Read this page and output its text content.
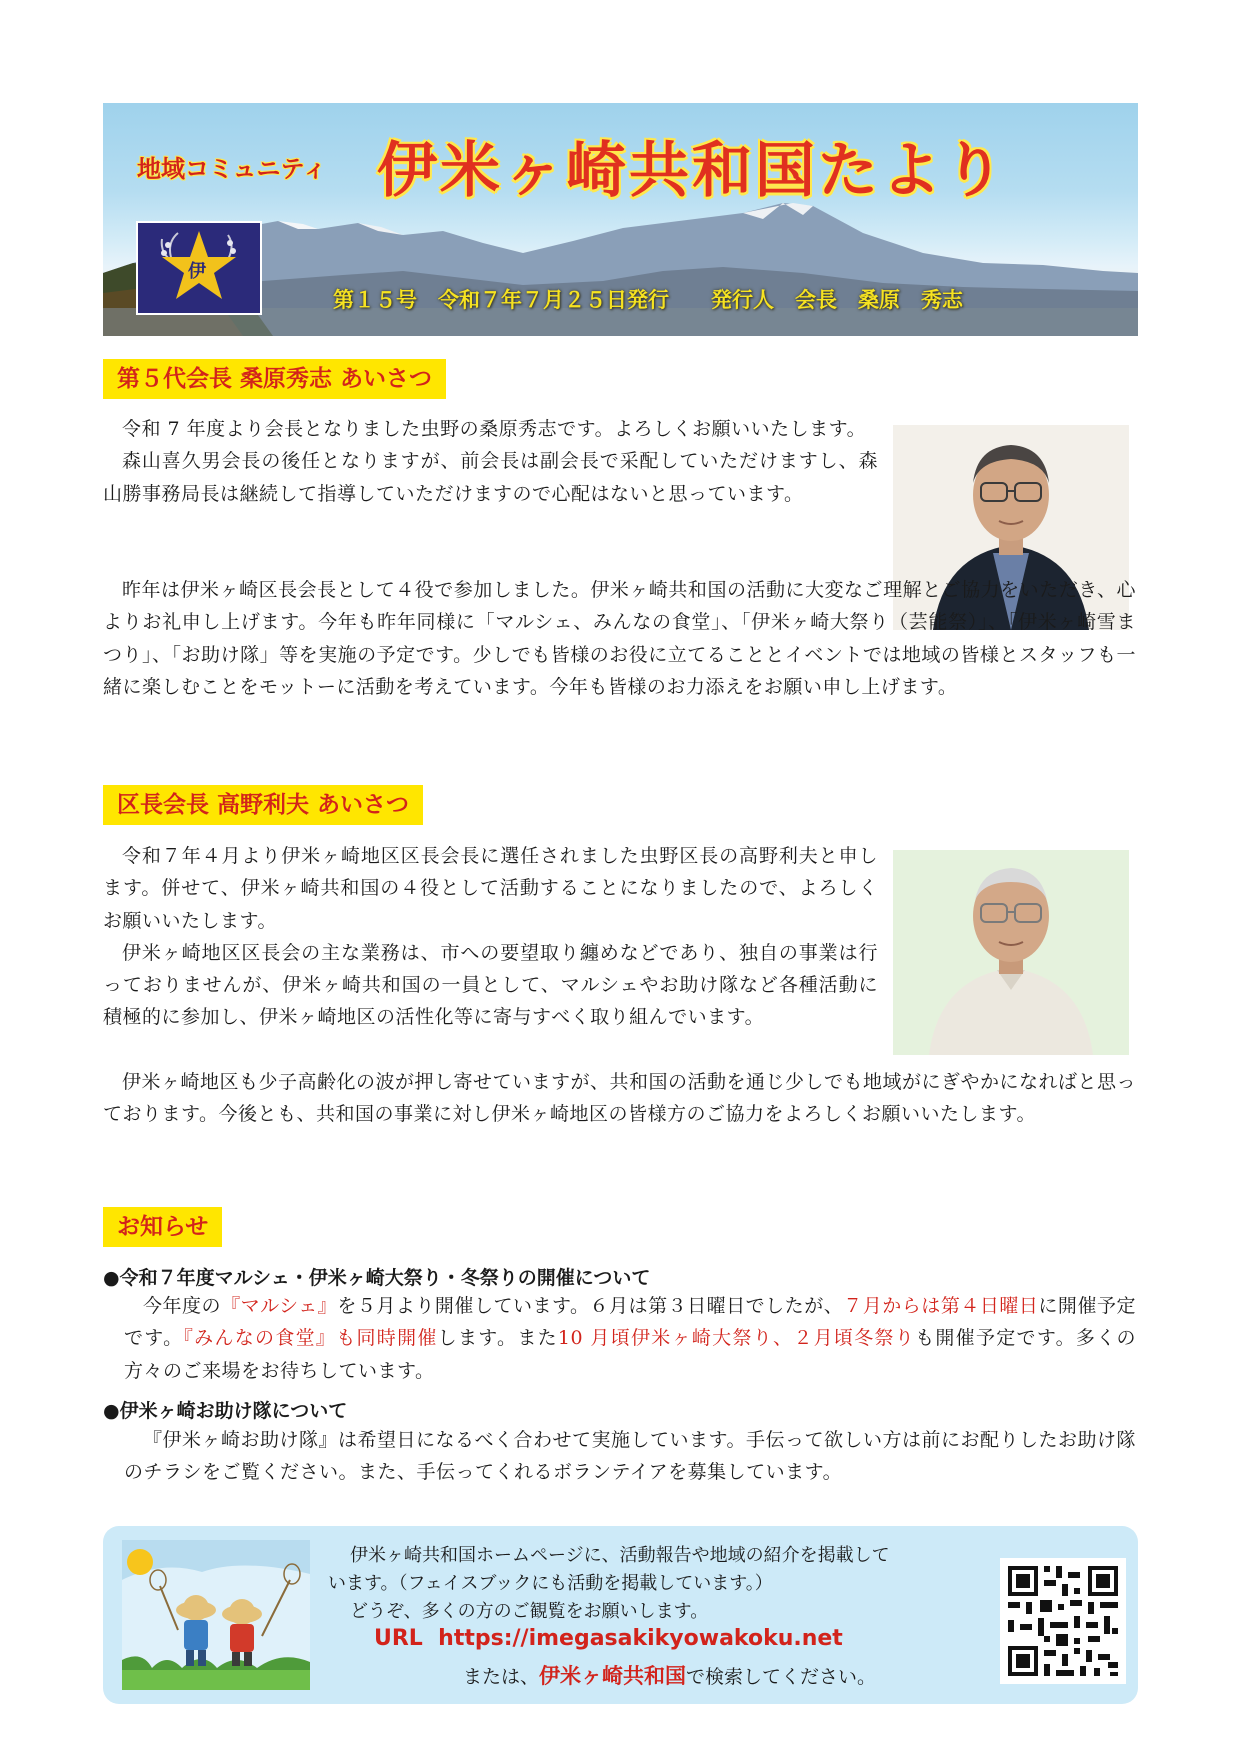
伊
地域コミュニティ 伊米ヶ崎共和国たより
第１５号　令和７年７月２５日発行　　発行人　会長　桑原　秀志
第５代会長 桑原秀志 あいさつ

令和 7 年度より会長となりました虫野の桑原秀志です。よろしくお願いいたします。

森山喜久男会長の後任となりますが、前会長は副会長で采配していただけますし、森山勝事務局長は継続して指導していただけますので心配はないと思っています。

昨年は伊米ヶ崎区長会長として４役で参加しました。伊米ヶ崎共和国の活動に大変なご理解とご協力をいただき、心よりお礼申し上げます。今年も昨年同様に「マルシェ、みんなの食堂」、「伊米ヶ崎大祭り（芸能祭）」、「伊米ヶ崎雪まつり」、「お助け隊」等を実施の予定です。少しでも皆様のお役に立てることとイベントでは地域の皆様とスタッフも一緒に楽しむことをモットーに活動を考えています。今年も皆様のお力添えをお願い申し上げます。

区長会長 高野利夫 あいさつ

令和７年４月より伊米ヶ崎地区区長会長に選任されました虫野区長の高野利夫と申します。併せて、伊米ヶ崎共和国の４役として活動することになりましたので、よろしくお願いいたします。

伊米ヶ崎地区区長会の主な業務は、市への要望取り纏めなどであり、独自の事業は行っておりませんが、伊米ヶ崎共和国の一員として、マルシェやお助け隊など各種活動に積極的に参加し、伊米ヶ崎地区の活性化等に寄与すべく取り組んでいます。

伊米ヶ崎地区も少子高齢化の波が押し寄せていますが、共和国の活動を通じ少しでも地域がにぎやかになればと思っております。今後とも、共和国の事業に対し伊米ヶ崎地区の皆様方のご協力をよろしくお願いいたします。

お知らせ
●令和７年度マルシェ・伊米ヶ崎大祭り・冬祭りの開催について

今年度の『マルシェ』を５月より開催しています。６月は第３日曜日でしたが、７月からは第４日曜日に開催予定です。『みんなの食堂』も同時開催します。また10 月頃伊米ヶ崎大祭り、２月頃冬祭りも開催予定です。多くの方々のご来場をお待ちしています。

●伊米ヶ崎お助け隊について

『伊米ヶ崎お助け隊』は希望日になるべく合わせて実施しています。手伝って欲しい方は前にお配りしたお助け隊のチラシをご覧ください。また、手伝ってくれるボランテイアを募集しています。

伊米ヶ崎共和国ホームページに、活動報告や地域の紹介を掲載して
います。（フェイスブックにも活動を掲載しています。）
どうぞ、多くの方のご観覧をお願いします。
URL https://imegasakikyowakoku.net
または、伊米ヶ崎共和国で検索してください。
